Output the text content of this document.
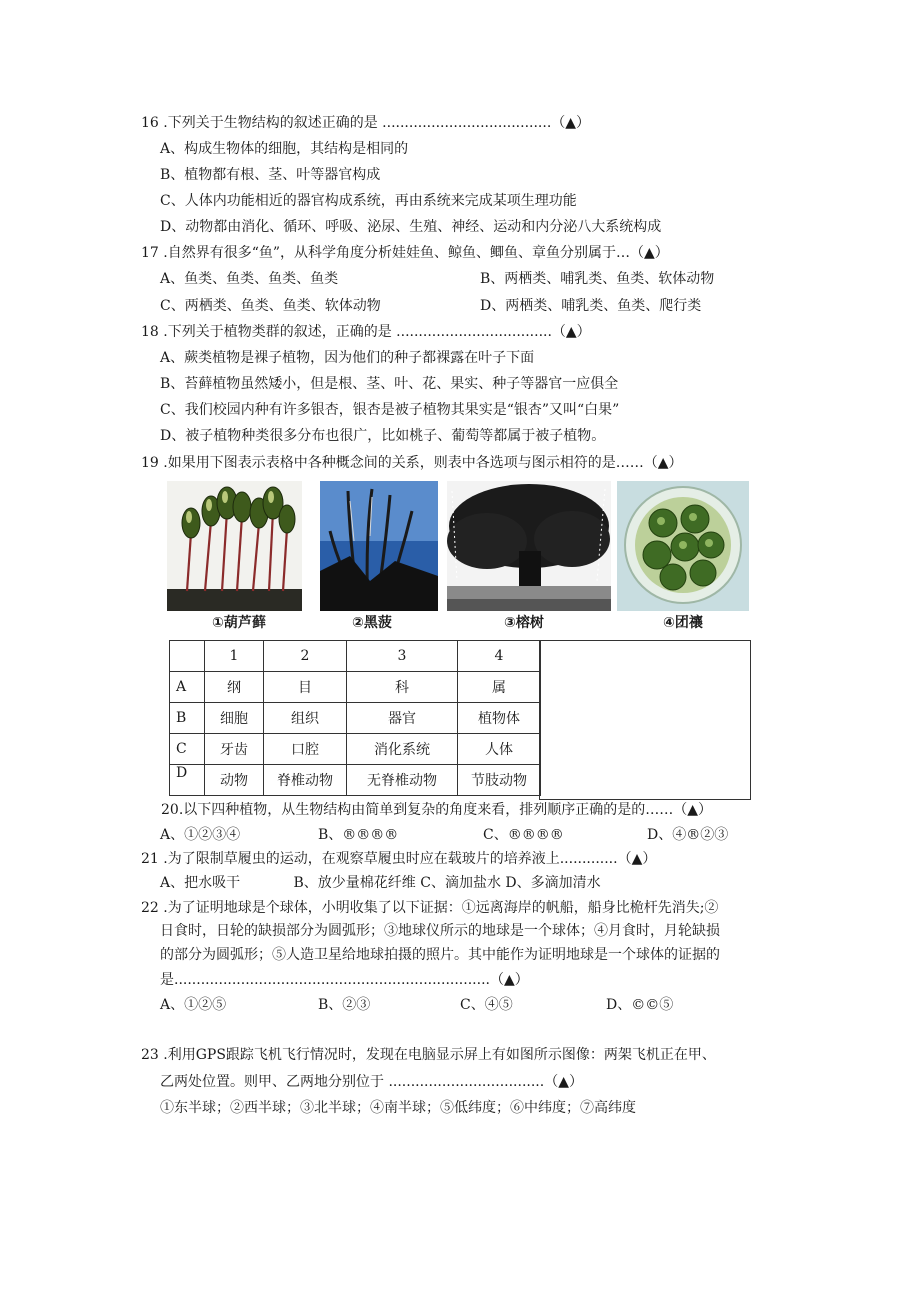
16 .下列关于生物结构的叙述正确的是 ......................................（▲）
A、构成生物体的细胞，其结构是相同的
B、植物都有根、茎、叶等器官构成
C、人体内功能相近的器官构成系统，再由系统来完成某项生理功能
D、动物都由消化、循环、呼吸、泌尿、生殖、神经、运动和内分泌八大系统构成
17 .自然界有很多“鱼”，从科学角度分析娃娃鱼、鲸鱼、鲫鱼、章鱼分别属于…（▲）
A、鱼类、鱼类、鱼类、鱼类	B、两栖类、哺乳类、鱼类、软体动物
C、两栖类、鱼类、鱼类、软体动物	D、两栖类、哺乳类、鱼类、爬行类
18 .下列关于植物类群的叙述，正确的是 ...................................（▲）
A、蕨类植物是裸子植物，因为他们的种子都裸露在叶子下面
B、苔藓植物虽然矮小，但是根、茎、叶、花、果实、种子等器官一应俱全
C、我们校园内种有许多银杏，银杏是被子植物其果实是“银杏”又叫“白果”
D、被子植物种类很多分布也很广，比如桃子、葡萄等都属于被子植物。
19 .如果用下图表示表格中各种概念间的关系，则表中各选项与图示相符的是……（▲）
①葫芦藓	②黑菠	③榕树	④团禳
	1	2	3	4
A	纲	目	科	属
B	细胞	组织	器官	植物体
C	牙齿	口腔	消化系统	人体
D	动物	脊椎动物	无脊椎动物	节肢动物
20.以下四种植物，从生物结构由简单到复杂的角度来看，排列顺序正确的是的……（▲）
A、①②③④	B、®®®®	C、®®®®	D、④®②③
21 .为了限制草履虫的运动，在观察草履虫时应在载玻片的培养液上.............（▲）
A、把水吸干            B、放少量棉花纤维 C、滴加盐水 D、多滴加清水
22 .为了证明地球是个球体，小明收集了以下证据：①远离海岸的帆船，船身比桅杆先消失;②
日食时，日轮的缺损部分为圆弧形；③地球仪所示的地球是一个球体；④月食时，月轮缺损
的部分为圆弧形；⑤人造卫星给地球拍摄的照片。其中能作为证明地球是一个球体的证据的
是.......................................................................（▲）
A、①②⑤	B、②③	C、④⑤	D、©©⑤
23 .利用GPS跟踪飞机飞行情况时，发现在电脑显示屏上有如图所示图像：两架飞机正在甲、
乙两处位置。则甲、乙两地分别位于 ...................................（▲）
①东半球；②西半球；③北半球；④南半球；⑤低纬度；⑥中纬度；⑦高纬度
